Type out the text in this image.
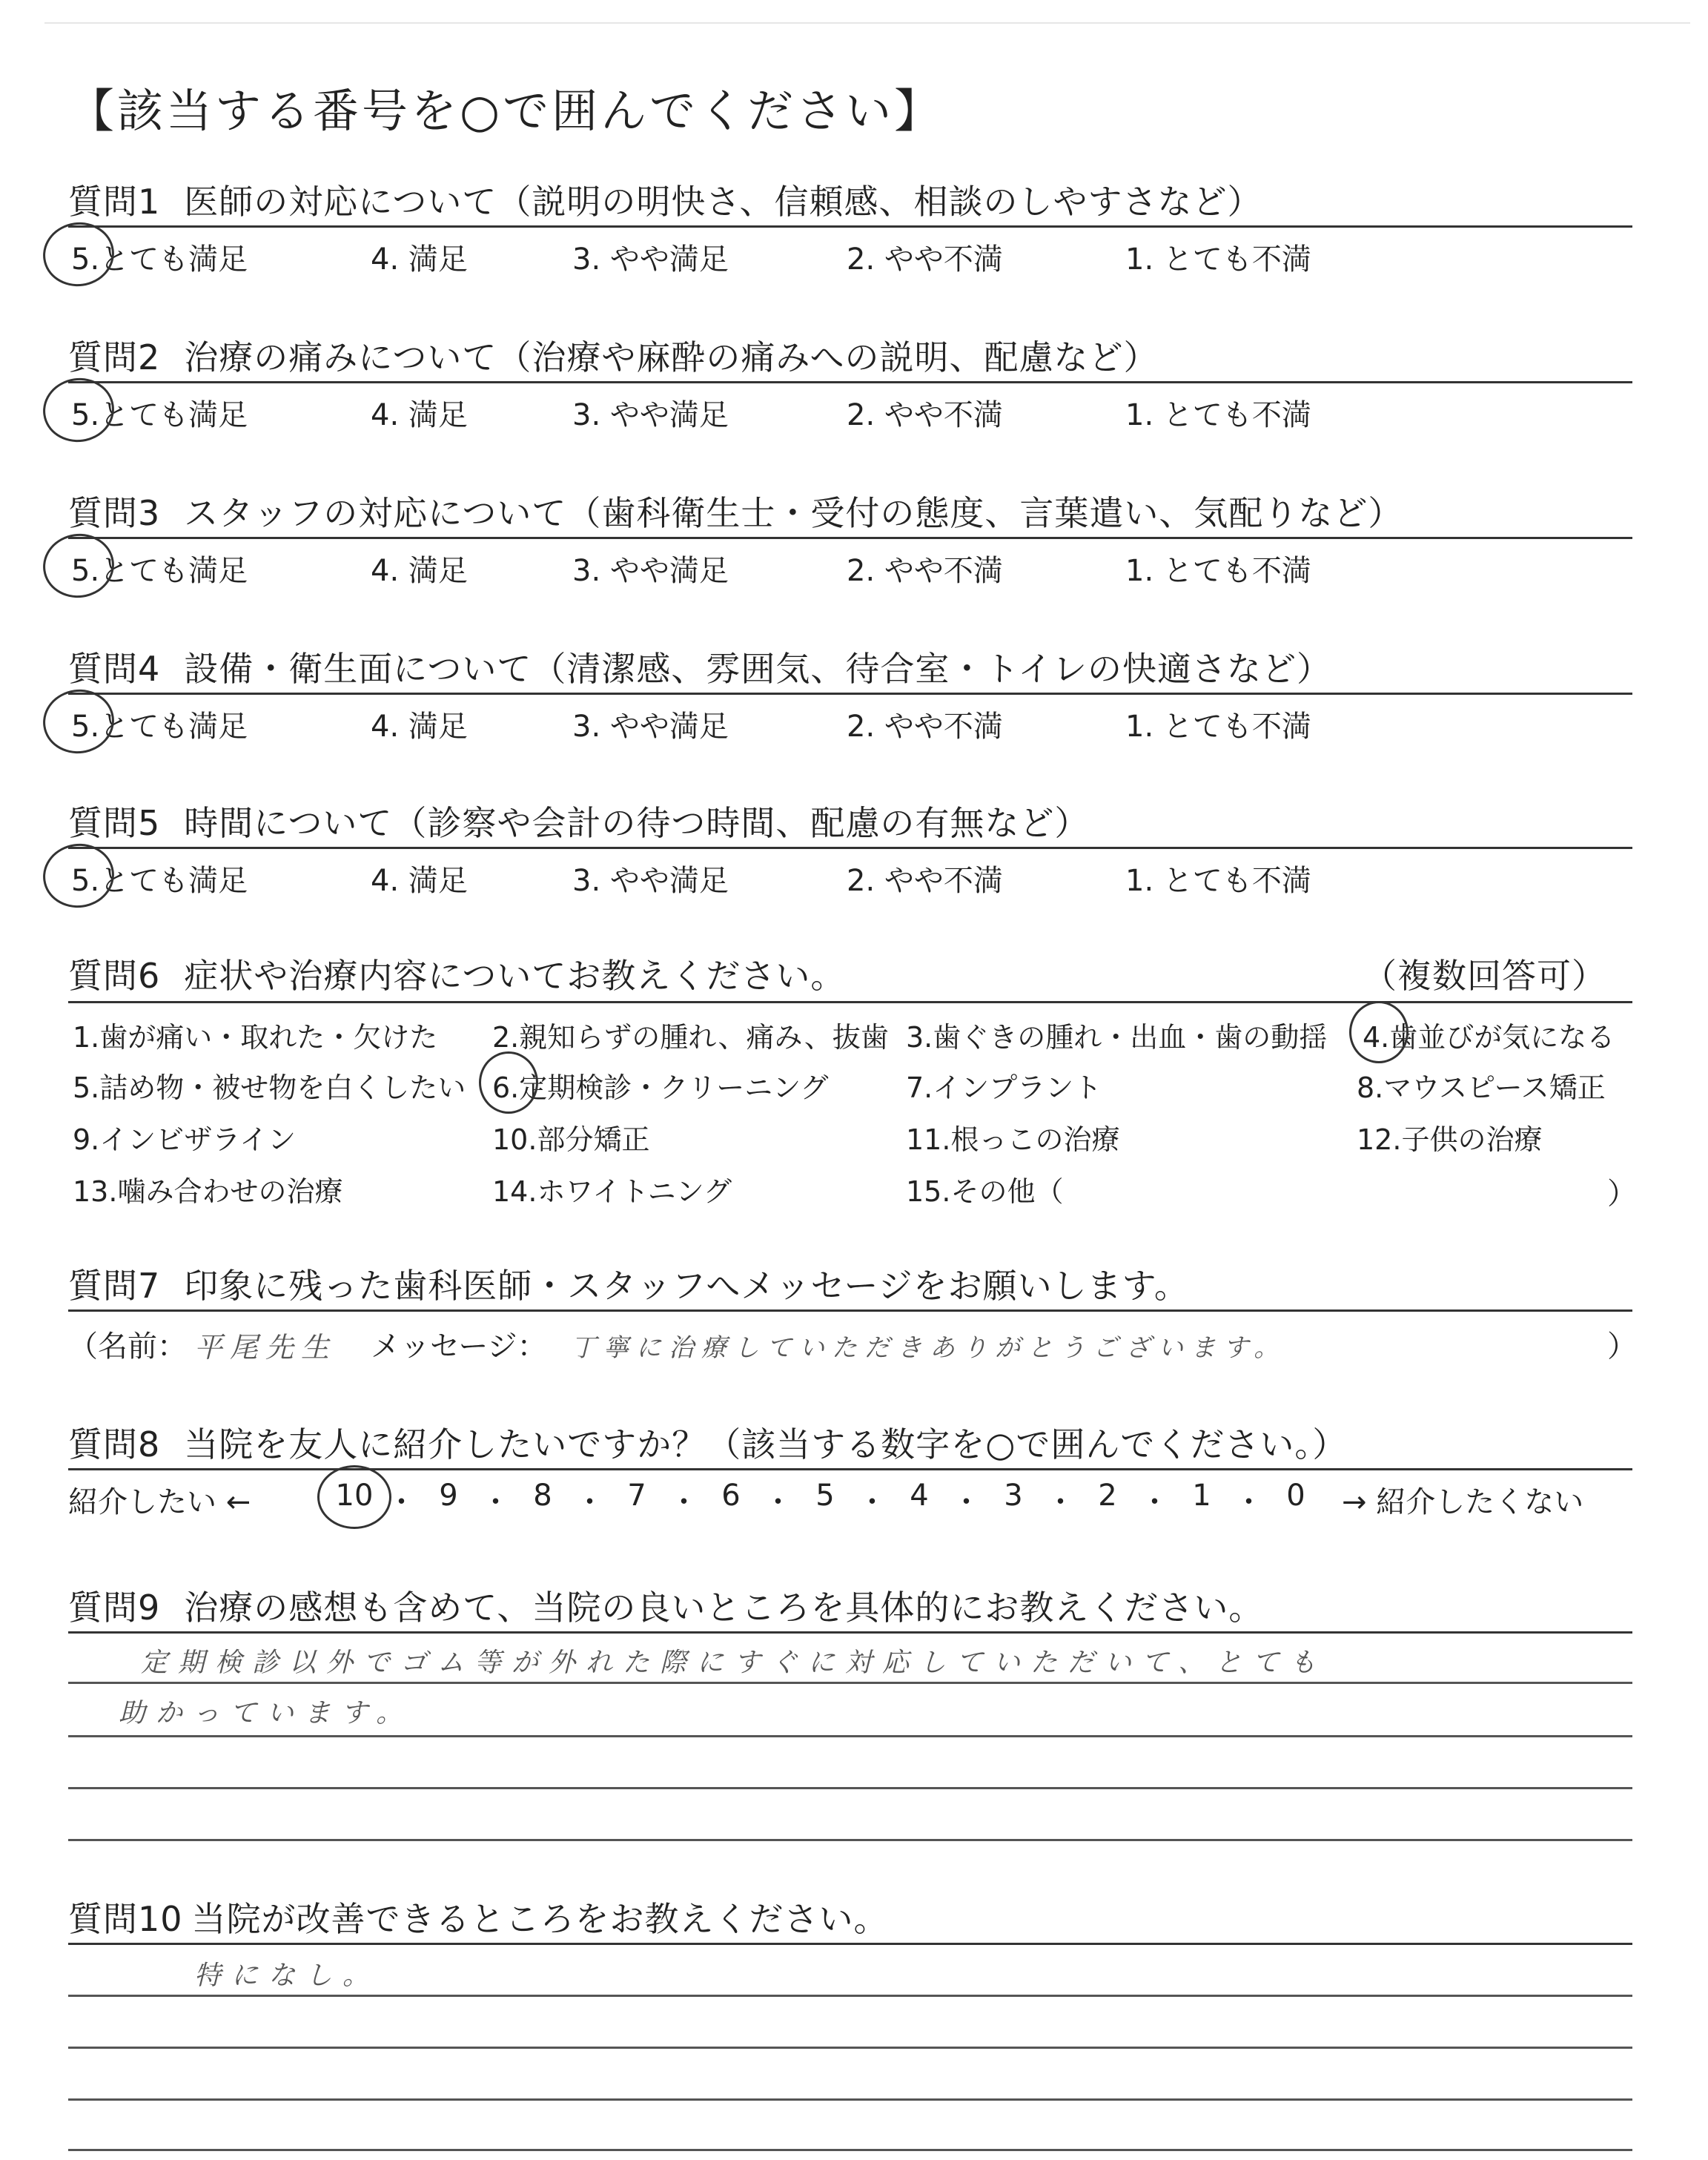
【該当する番号を○で囲んでください】
質問1 医師の対応について（説明の明快さ、信頼感、相談のしやすさなど）
5.とても満足	4. 満足	3. やや満足	2. やや不満	1. とても不満
質問2 治療の痛みについて（治療や麻酔の痛みへの説明、配慮など）
5.とても満足	4. 満足	3. やや満足	2. やや不満	1. とても不満
質問3 スタッフの対応について（歯科衛生士・受付の態度、言葉遣い、気配りなど）
5.とても満足	4. 満足	3. やや満足	2. やや不満	1. とても不満
質問4 設備・衛生面について（清潔感、雰囲気、待合室・トイレの快適さなど）
5.とても満足	4. 満足	3. やや満足	2. やや不満	1. とても不満
質問5 時間について（診察や会計の待つ時間、配慮の有無など）
5.とても満足	4. 満足	3. やや満足	2. やや不満	1. とても不満
質問6 症状や治療内容についてお教えください。	（複数回答可）
1.歯が痛い・取れた・欠けた 2.親知らずの腫れ、痛み、抜歯 3.歯ぐきの腫れ・出血・歯の動揺 4.歯並びが気になる
5.詰め物・被せ物を白くしたい 6.定期検診・クリーニング	7.インプラント	8.マウスピース矯正
9.インビザライン	10.部分矯正	11.根っこの治療	12.子供の治療
13.噛み合わせの治療	14.ホワイトニング	15.その他（	）
質問7 印象に残った歯科医師・スタッフへメッセージをお願いします。
（名前： 平尾先生 メッセージ： 丁寧に治療していただきありがとうございます。	）
質問8 当院を友人に紹介したいですか？（該当する数字を○で囲んでください。）
紹介したい ←	10 ・ 9 ・ 8 ・ 7 ・ 6 ・ 5 ・ 4 ・ 3 ・ 2 ・ 1 ・ 0	→ 紹介したくない
質問9 治療の感想も含めて、当院の良いところを具体的にお教えください。
定期検診以外でゴム等が外れた際にすぐに対応していただいて、とても
助かっています。
質問10 当院が改善できるところをお教えください。
特になし。
